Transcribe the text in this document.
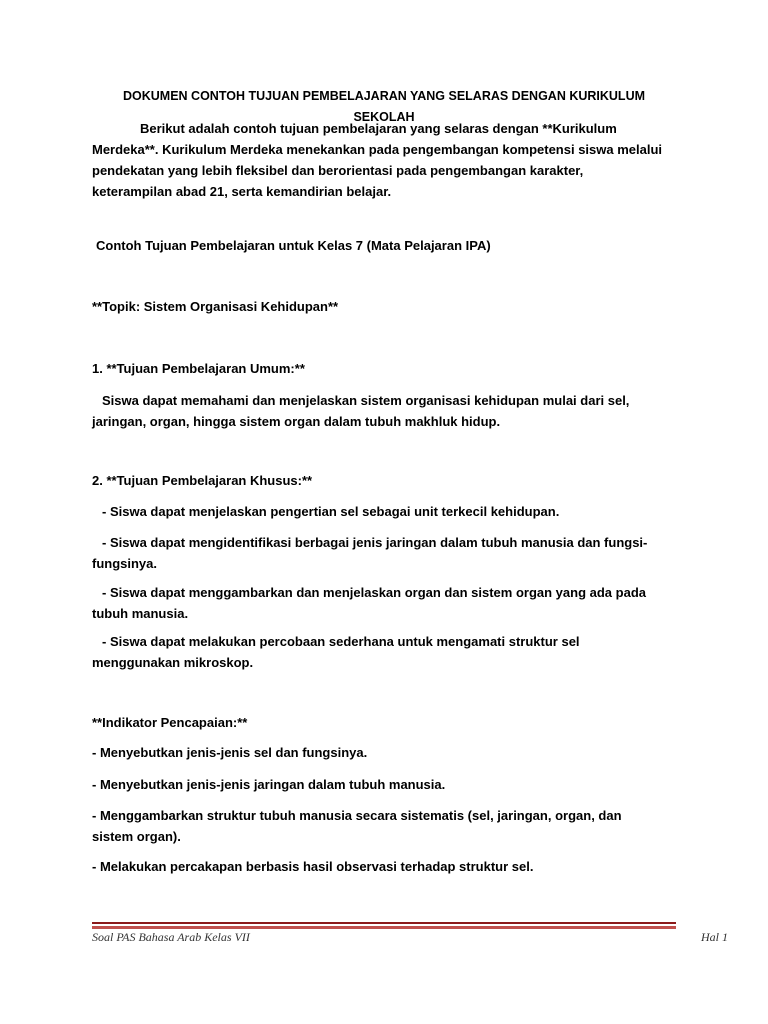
DOKUMEN CONTOH TUJUAN PEMBELAJARAN YANG SELARAS DENGAN KURIKULUM SEKOLAH

Berikut adalah contoh tujuan pembelajaran yang selaras dengan **Kurikulum Merdeka**. Kurikulum Merdeka menekankan pada pengembangan kompetensi siswa melalui pendekatan yang lebih fleksibel dan berorientasi pada pengembangan karakter, keterampilan abad 21, serta kemandirian belajar.

Contoh Tujuan Pembelajaran untuk Kelas 7 (Mata Pelajaran IPA)

**Topik: Sistem Organisasi Kehidupan**

1. **Tujuan Pembelajaran Umum:**

Siswa dapat memahami dan menjelaskan sistem organisasi kehidupan mulai dari sel, jaringan, organ, hingga sistem organ dalam tubuh makhluk hidup.

2. **Tujuan Pembelajaran Khusus:**

- Siswa dapat menjelaskan pengertian sel sebagai unit terkecil kehidupan.

- Siswa dapat mengidentifikasi berbagai jenis jaringan dalam tubuh manusia dan fungsi-fungsinya.

- Siswa dapat menggambarkan dan menjelaskan organ dan sistem organ yang ada pada tubuh manusia.

- Siswa dapat melakukan percobaan sederhana untuk mengamati struktur sel menggunakan mikroskop.

**Indikator Pencapaian:**

- Menyebutkan jenis-jenis sel dan fungsinya.

- Menyebutkan jenis-jenis jaringan dalam tubuh manusia.

- Menggambarkan struktur tubuh manusia secara sistematis (sel, jaringan, organ, dan sistem organ).

- Melakukan percakapan berbasis hasil observasi terhadap struktur sel.

Soal PAS Bahasa Arab Kelas VII	Hal 1
